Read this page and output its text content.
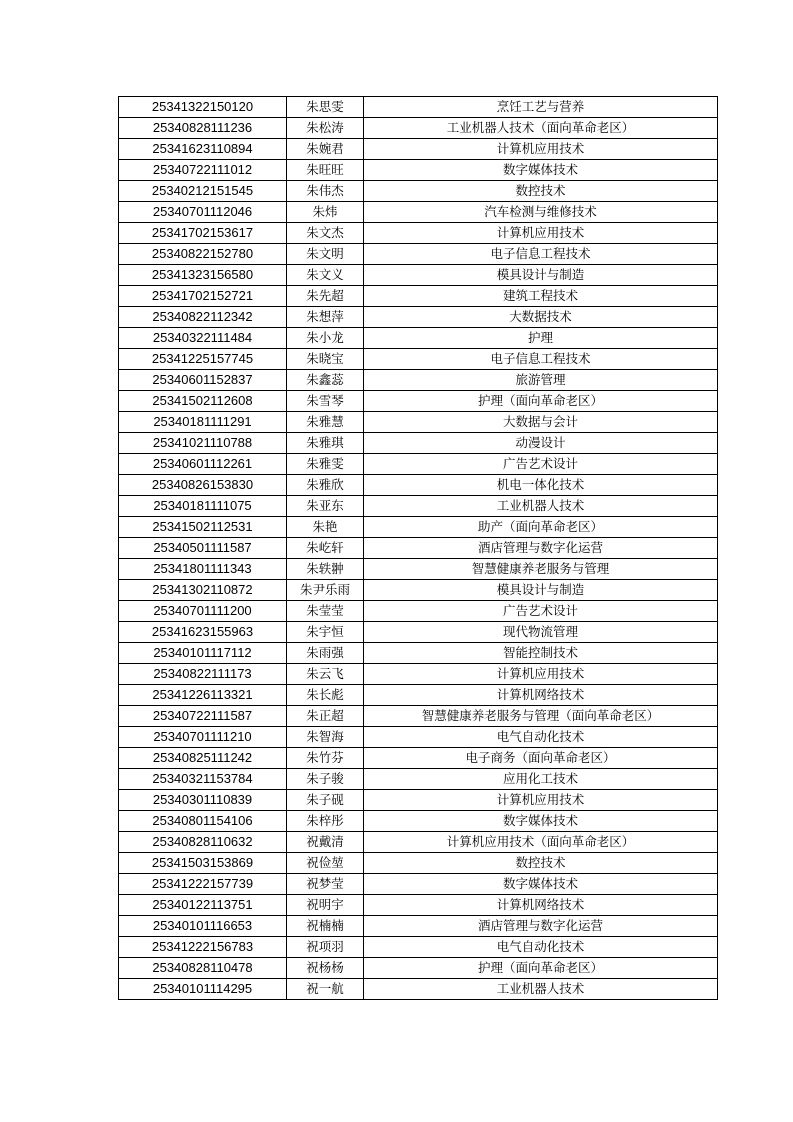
25341322150120	朱思雯	烹饪工艺与营养
25340828111236	朱松涛	工业机器人技术（面向革命老区）
25341623110894	朱婉君	计算机应用技术
25340722111012	朱旺旺	数字媒体技术
25340212151545	朱伟杰	数控技术
25340701112046	朱炜	汽车检测与维修技术
25341702153617	朱文杰	计算机应用技术
25340822152780	朱文明	电子信息工程技术
25341323156580	朱文义	模具设计与制造
25341702152721	朱先超	建筑工程技术
25340822112342	朱想萍	大数据技术
25340322111484	朱小龙	护理
25341225157745	朱晓宝	电子信息工程技术
25340601152837	朱鑫蕊	旅游管理
25341502112608	朱雪琴	护理（面向革命老区）
25340181111291	朱雅慧	大数据与会计
25341021110788	朱雅琪	动漫设计
25340601112261	朱雅雯	广告艺术设计
25340826153830	朱雅欣	机电一体化技术
25340181111075	朱亚东	工业机器人技术
25341502112531	朱艳	助产（面向革命老区）
25340501111587	朱屹轩	酒店管理与数字化运营
25341801111343	朱轶翀	智慧健康养老服务与管理
25341302110872	朱尹乐雨	模具设计与制造
25340701111200	朱莹莹	广告艺术设计
25341623155963	朱宇恒	现代物流管理
25340101117112	朱雨强	智能控制技术
25340822111173	朱云飞	计算机应用技术
25341226113321	朱长彪	计算机网络技术
25340722111587	朱正超	智慧健康养老服务与管理（面向革命老区）
25340701111210	朱智海	电气自动化技术
25340825111242	朱竹芬	电子商务（面向革命老区）
25340321153784	朱子骏	应用化工技术
25340301110839	朱子砚	计算机应用技术
25340801154106	朱梓彤	数字媒体技术
25340828110632	祝戴清	计算机应用技术（面向革命老区）
25341503153869	祝俭堃	数控技术
25341222157739	祝梦莹	数字媒体技术
25340122113751	祝明宇	计算机网络技术
25340101116653	祝楠楠	酒店管理与数字化运营
25341222156783	祝项羽	电气自动化技术
25340828110478	祝杨杨	护理（面向革命老区）
25340101114295	祝一航	工业机器人技术
